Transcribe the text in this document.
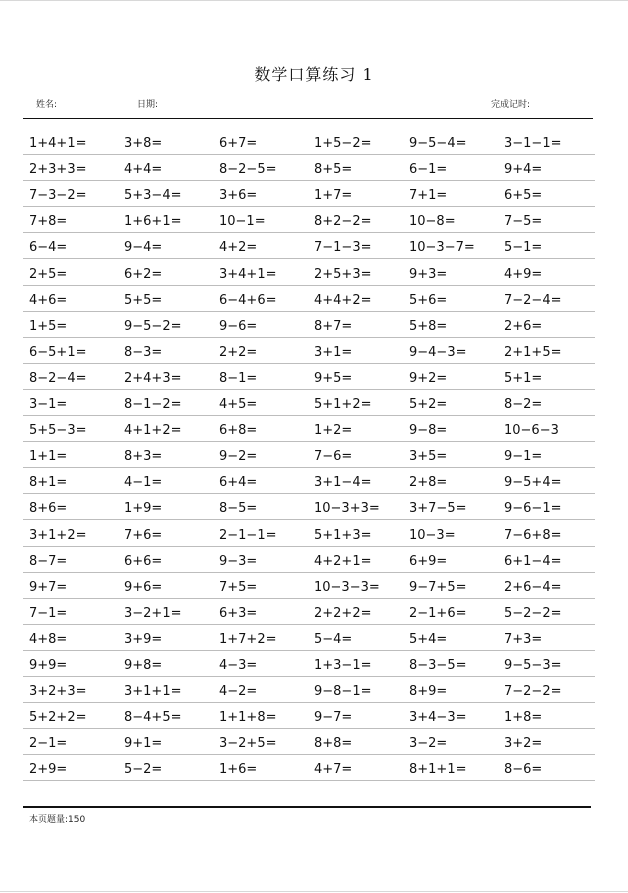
数学口算练习 1
姓名:	日期:	完成记时:
1+4+1=	3+8=	6+7=	1+5−2=	9−5−4=	3−1−1=
2+3+3=	4+4=	8−2−5=	8+5=	6−1=	9+4=
7−3−2=	5+3−4=	3+6=	1+7=	7+1=	6+5=
7+8=	1+6+1=	10−1=	8+2−2=	10−8=	7−5=
6−4=	9−4=	4+2=	7−1−3=	10−3−7=	5−1=
2+5=	6+2=	3+4+1=	2+5+3=	9+3=	4+9=
4+6=	5+5=	6−4+6=	4+4+2=	5+6=	7−2−4=
1+5=	9−5−2=	9−6=	8+7=	5+8=	2+6=
6−5+1=	8−3=	2+2=	3+1=	9−4−3=	2+1+5=
8−2−4=	2+4+3=	8−1=	9+5=	9+2=	5+1=
3−1=	8−1−2=	4+5=	5+1+2=	5+2=	8−2=
5+5−3=	4+1+2=	6+8=	1+2=	9−8=	10−6−3
1+1=	8+3=	9−2=	7−6=	3+5=	9−1=
8+1=	4−1=	6+4=	3+1−4=	2+8=	9−5+4=
8+6=	1+9=	8−5=	10−3+3=	3+7−5=	9−6−1=
3+1+2=	7+6=	2−1−1=	5+1+3=	10−3=	7−6+8=
8−7=	6+6=	9−3=	4+2+1=	6+9=	6+1−4=
9+7=	9+6=	7+5=	10−3−3=	9−7+5=	2+6−4=
7−1=	3−2+1=	6+3=	2+2+2=	2−1+6=	5−2−2=
4+8=	3+9=	1+7+2=	5−4=	5+4=	7+3=
9+9=	9+8=	4−3=	1+3−1=	8−3−5=	9−5−3=
3+2+3=	3+1+1=	4−2=	9−8−1=	8+9=	7−2−2=
5+2+2=	8−4+5=	1+1+8=	9−7=	3+4−3=	1+8=
2−1=	9+1=	3−2+5=	8+8=	3−2=	3+2=
2+9=	5−2=	1+6=	4+7=	8+1+1=	8−6=
本页题量:150
